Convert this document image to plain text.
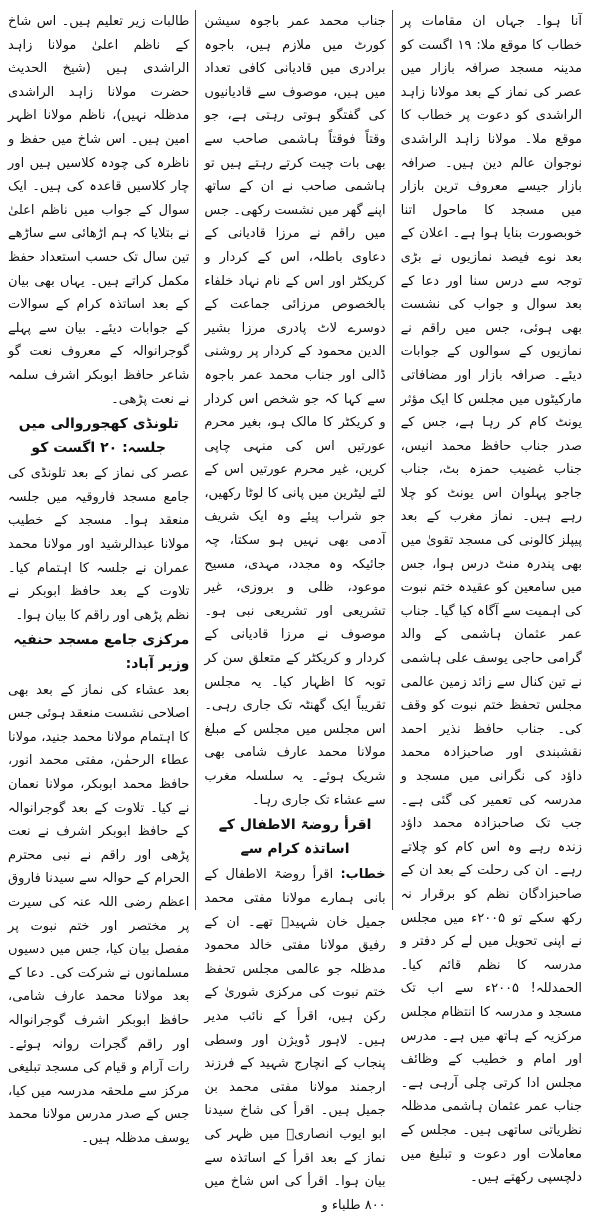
آنا ہوا۔ جہاں ان مقامات پر خطاب کا موقع ملا: ۱۹ اگست کو مدینہ مسجد صرافہ بازار میں عصر کی نماز کے بعد مولانا زاہد الراشدی کو دعوت پر خطاب کا موقع ملا۔ مولانا زاہد الراشدی نوجوان عالم دین ہیں۔ صرافہ بازار جیسے معروف ترین بازار میں مسجد کا ماحول اتنا خوبصورت بنایا ہوا ہے۔ اعلان کے بعد نوے فیصد نمازیوں نے بڑی توجہ سے درس سنا اور دعا کے بعد سوال و جواب کی نشست بھی ہوئی، جس میں راقم نے نمازیوں کے سوالوں کے جوابات دیئے۔ صرافہ بازار اور مضافاتی مارکیٹوں میں مجلس کا ایک مؤثر یونٹ کام کر رہا ہے، جس کے صدر جناب حافظ محمد انیس، جناب غضیب حمزہ بٹ، جناب جاجو پہلوان اس یونٹ کو چلا رہے ہیں۔ نماز مغرب کے بعد پیپلز کالونی کی مسجد تقویٰ میں بھی پندرہ منٹ درس ہوا، جس میں سامعین کو عقیدہ ختم نبوت کی اہمیت سے آگاہ کیا گیا۔ جناب عمر عثمان ہاشمی کے والد گرامی حاجی یوسف علی ہاشمی نے تین کنال سے زائد زمین عالمی مجلس تحفظ ختم نبوت کو وقف کی۔ جناب حافظ نذیر احمد نقشبندی اور صاحبزادہ محمد داؤد کی نگرانی میں مسجد و مدرسہ کی تعمیر کی گئی ہے۔ جب تک صاحبزادہ محمد داؤد زندہ رہے وہ اس کام کو چلاتے رہے۔ ان کی رحلت کے بعد ان کے صاحبزادگان نظم کو برقرار نہ رکھ سکے تو ۲۰۰۵ء میں مجلس نے اپنی تحویل میں لے کر دفتر و مدرسہ کا نظم قائم کیا۔ الحمدللہ! ۲۰۰۵ء سے اب تک مسجد و مدرسہ کا انتظام مجلس مرکزیہ کے ہاتھ میں ہے۔ مدرس اور امام و خطیب کے وظائف مجلس ادا کرتی چلی آرہی ہے۔ جناب عمر عثمان ہاشمی مدظلہ نظریاتی ساتھی ہیں۔ مجلس کے معاملات اور دعوت و تبلیغ میں دلچسپی رکھتے ہیں۔

جناب محمد عمر باجوہ سیشن کورٹ میں ملازم ہیں، باجوہ برادری میں قادیانی کافی تعداد میں ہیں، موصوف سے قادیانیوں کی گفتگو ہوتی رہتی ہے، جو وقتاً فوقتاً ہاشمی صاحب سے بھی بات چیت کرتے رہتے ہیں تو ہاشمی صاحب نے ان کے ساتھ اپنے گھر میں نشست رکھی۔ جس میں راقم نے مرزا قادیانی کے دعاوی باطلہ، اس کے کردار و کریکٹر اور اس کے نام نہاد خلفاء بالخصوص مرزائی جماعت کے دوسرے لاٹ پادری مرزا بشیر الدین محمود کے کردار پر روشنی ڈالی اور جناب محمد عمر باجوہ سے کہا کہ جو شخص اس کردار و کریکٹر کا مالک ہو، بغیر محرم عورتیں اس کی منہی چاپی کریں، غیر محرم عورتیں اس کے لئے لیٹرین میں پانی کا لوٹا رکھیں، جو شراب پیئے وہ ایک شریف آدمی بھی نہیں ہو سکتا، چہ جائیکہ وہ مجدد، مہدی، مسیح موعود، ظلی و بروزی، غیر تشریعی اور تشریعی نبی ہو۔ موصوف نے مرزا قادیانی کے کردار و کریکٹر کے متعلق سن کر توبہ کا اظہار کیا۔ یہ مجلس تقریباً ایک گھنٹہ تک جاری رہی۔ اس مجلس میں مجلس کے مبلغ مولانا محمد عارف شامی بھی شریک ہوئے۔ یہ سلسلہ مغرب سے عشاء تک جاری رہا۔

اقرأ روضۃ الاطفال کے اساتذہ کرام سے

خطاب: اقرأ روضۃ الاطفال کے بانی ہمارے مولانا مفتی محمد جمیل خان شہیدؒ تھے۔ ان کے رفیق مولانا مفتی خالد محمود مدظلہ جو عالمی مجلس تحفظ ختم نبوت کی مرکزی شوریٰ کے رکن ہیں، اقرأ کے نائب مدیر ہیں۔ لاہور ڈویژن اور وسطی پنجاب کے انچارج شہید کے فرزند ارجمند مولانا مفتی محمد بن جمیل ہیں۔ اقرأ کی شاخ سیدنا ابو ایوب انصاریؓ میں ظہر کی نماز کے بعد اقرأ کے اساتذہ سے بیان ہوا۔ اقرأ کی اس شاخ میں ۸۰۰ طلباء و

طالبات زیر تعلیم ہیں۔ اس شاخ کے ناظم اعلیٰ مولانا زاہد الراشدی ہیں (شیخ الحدیث حضرت مولانا زاہد الراشدی مدظلہ نہیں)، ناظم مولانا اظہر امین ہیں۔ اس شاخ میں حفظ و ناظرہ کی چودہ کلاسیں ہیں اور چار کلاسیں قاعدہ کی ہیں۔ ایک سوال کے جواب میں ناظم اعلیٰ نے بتلایا کہ ہم اڑھائی سے ساڑھے تین سال تک حسب استعداد حفظ مکمل کراتے ہیں۔ یہاں بھی بیان کے بعد اساتذہ کرام کے سوالات کے جوابات دیئے۔ بیان سے پہلے گوجرانوالہ کے معروف نعت گو شاعر حافظ ابوبکر اشرف سلمہ نے نعت پڑھی۔

تلونڈی کھجوروالی میں جلسہ: ۲۰ اگست کو

عصر کی نماز کے بعد تلونڈی کی جامع مسجد فاروقیہ میں جلسہ منعقد ہوا۔ مسجد کے خطیب مولانا عبدالرشید اور مولانا محمد عمران نے جلسہ کا اہتمام کیا۔ تلاوت کے بعد حافظ ابوبکر نے نظم پڑھی اور راقم کا بیان ہوا۔

مرکزی جامع مسجد حنفیہ وزیر آباد:

بعد عشاء کی نماز کے بعد بھی اصلاحی نشست منعقد ہوئی جس کا اہتمام مولانا محمد جنید، مولانا عطاء الرحمٰن، مفتی محمد انور، حافظ محمد ابوبکر، مولانا نعمان نے کیا۔ تلاوت کے بعد گوجرانوالہ کے حافظ ابوبکر اشرف نے نعت پڑھی اور راقم نے نبی محترم الحرام کے حوالہ سے سیدنا فاروق اعظم رضی اللہ عنہ کی سیرت پر مختصر اور ختم نبوت پر مفصل بیان کیا، جس میں دسیوں مسلمانوں نے شرکت کی۔ دعا کے بعد مولانا محمد عارف شامی، حافظ ابوبکر اشرف گوجرانوالہ اور راقم گجرات روانہ ہوئے۔ رات آرام و قیام کی مسجد تبلیغی مرکز سے ملحقہ مدرسہ میں کیا، جس کے صدر مدرس مولانا محمد یوسف مدظلہ ہیں۔
